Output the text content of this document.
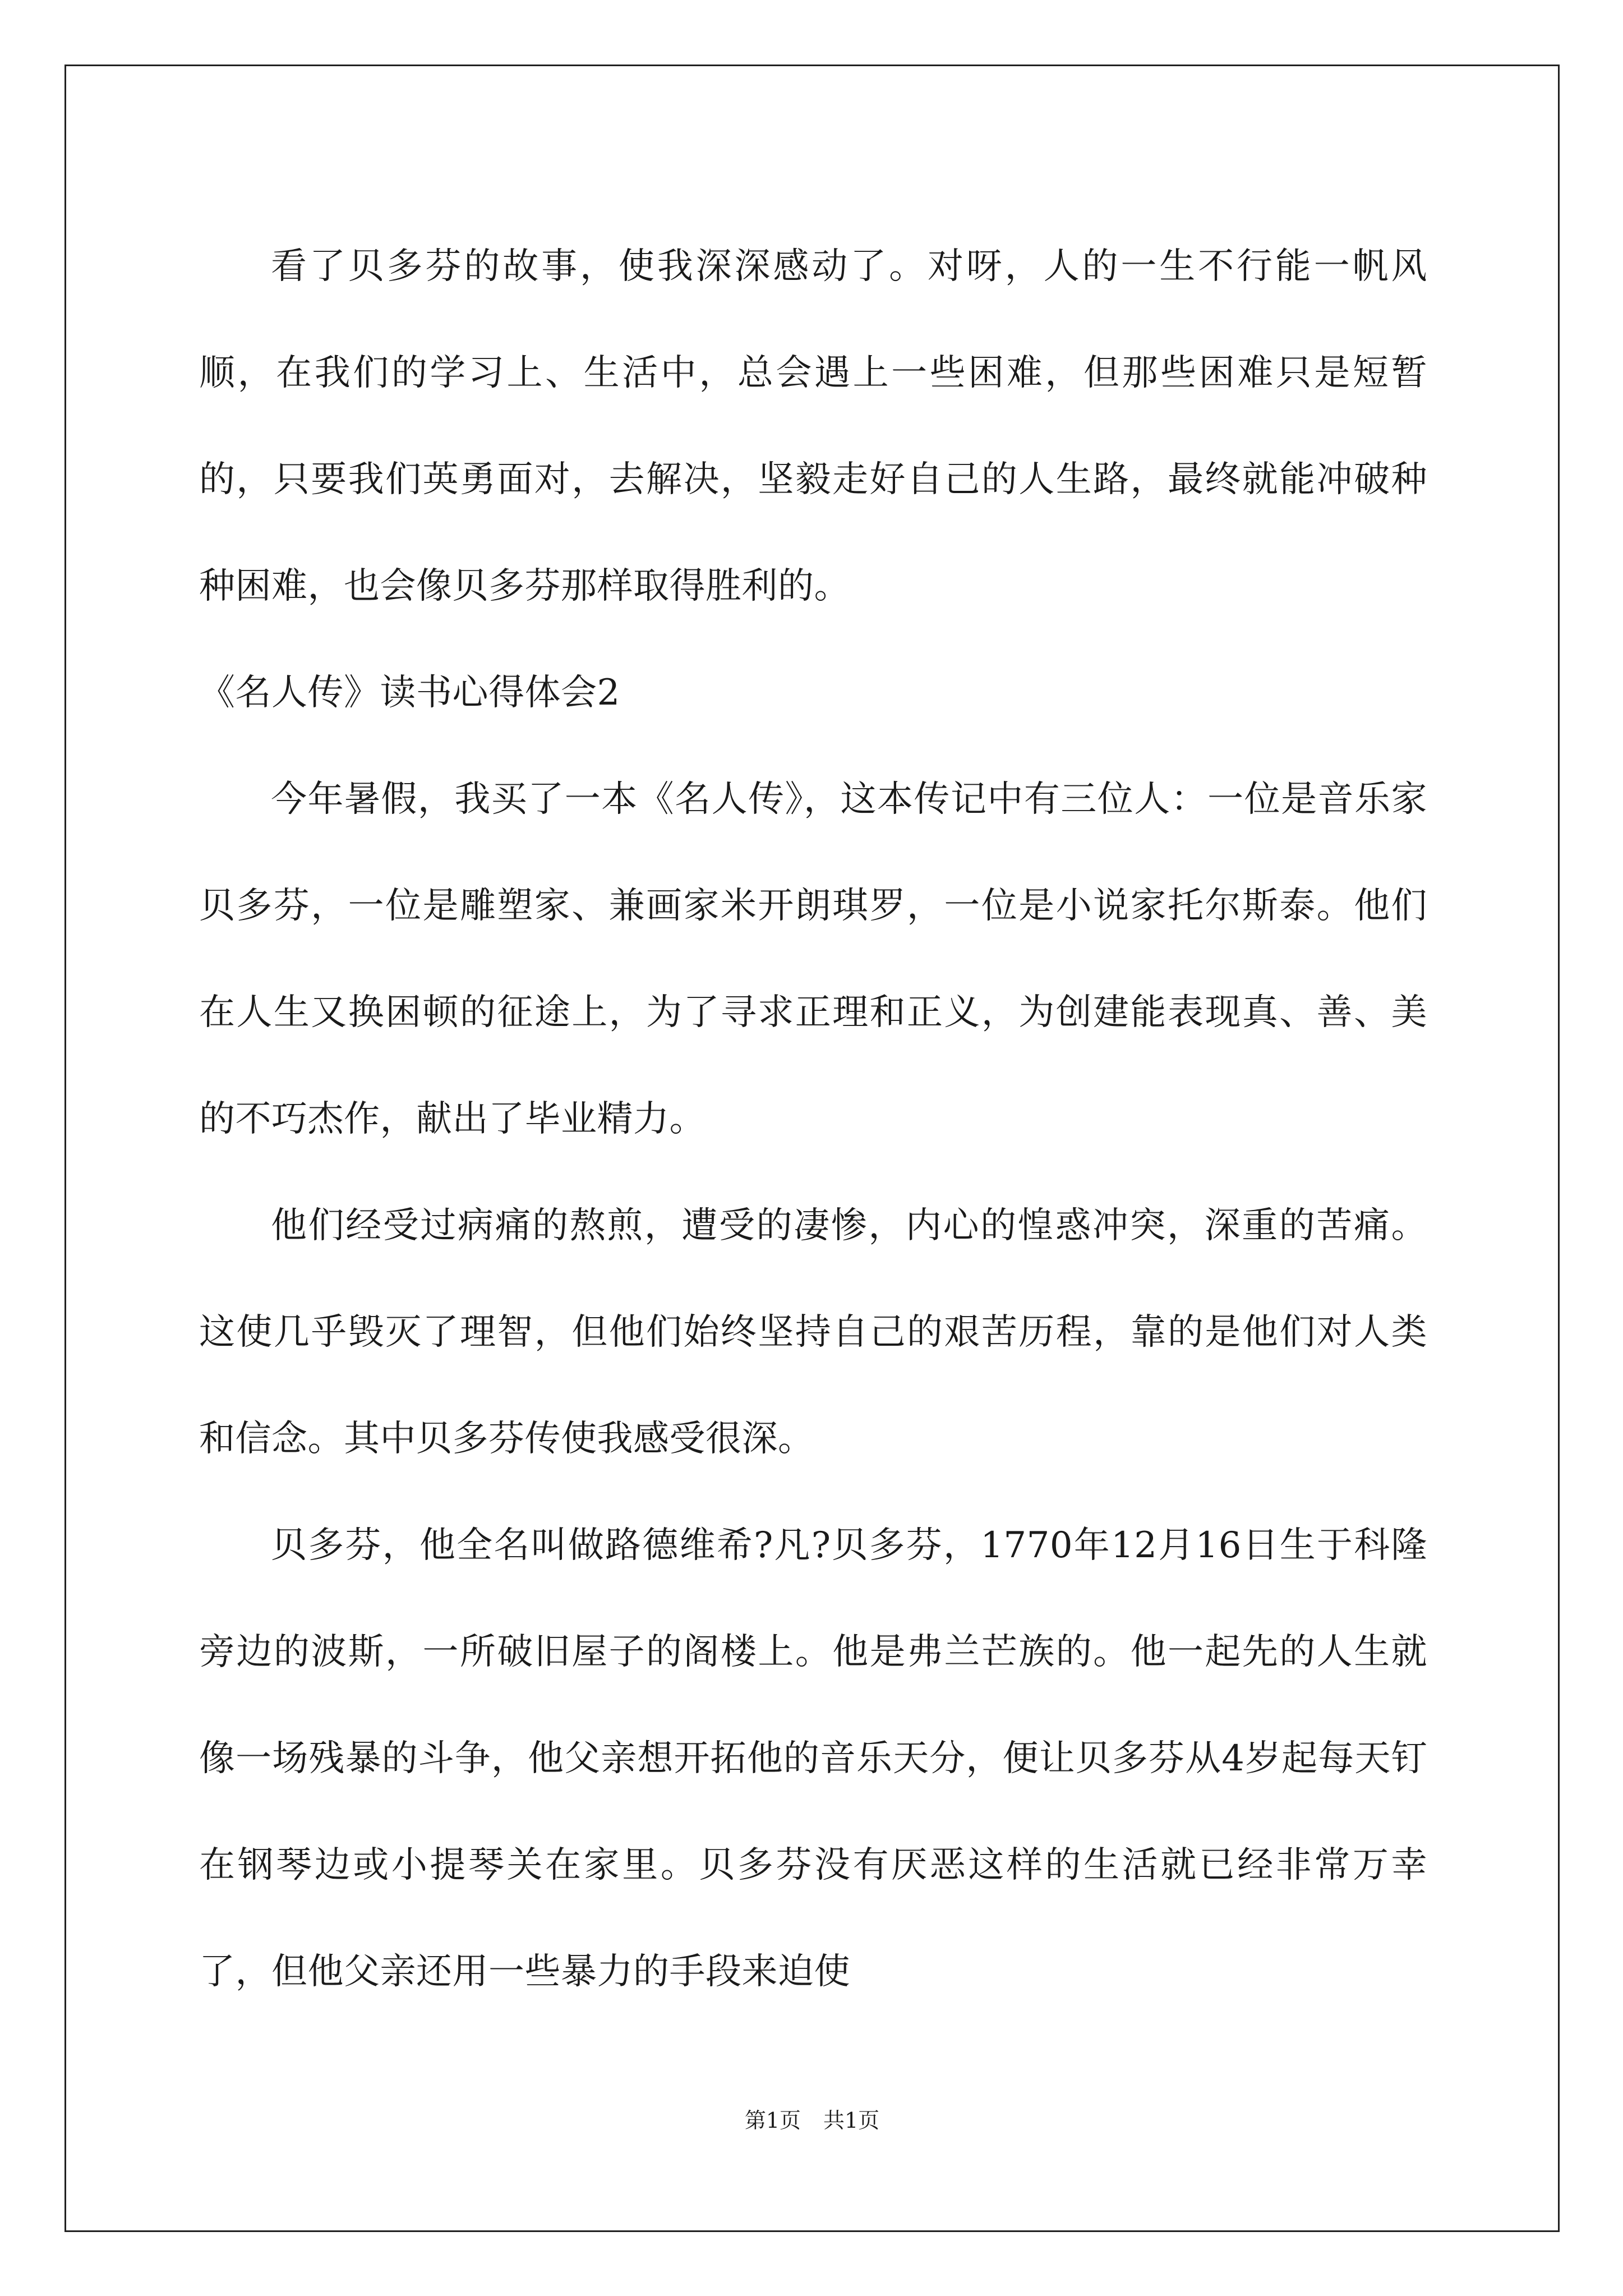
看了贝多芬的故事，使我深深感动了。对呀，人的一生不行能一帆风顺，在我们的学习上、生活中，总会遇上一些困难，但那些困难只是短暂的，只要我们英勇面对，去解决，坚毅走好自己的人生路，最终就能冲破种种困难，也会像贝多芬那样取得胜利的。

《名人传》读书心得体会2

今年暑假，我买了一本《名人传》，这本传记中有三位人：一位是音乐家贝多芬，一位是雕塑家、兼画家米开朗琪罗，一位是小说家托尔斯泰。他们在人生又换困顿的征途上，为了寻求正理和正义，为创建能表现真、善、美的不巧杰作，献出了毕业精力。

他们经受过病痛的熬煎，遭受的凄惨，内心的惶惑冲突，深重的苦痛。这使几乎毁灭了理智，但他们始终坚持自己的艰苦历程，靠的是他们对人类和信念。其中贝多芬传使我感受很深。

贝多芬，他全名叫做路德维希?凡?贝多芬，1770年12月16日生于科隆旁边的波斯，一所破旧屋子的阁楼上。他是弗兰芒族的。他一起先的人生就像一场残暴的斗争，他父亲想开拓他的音乐天分，便让贝多芬从4岁起每天钉在钢琴边或小提琴关在家里。贝多芬没有厌恶这样的生活就已经非常万幸了，但他父亲还用一些暴力的手段来迫使

第1页 共1页
